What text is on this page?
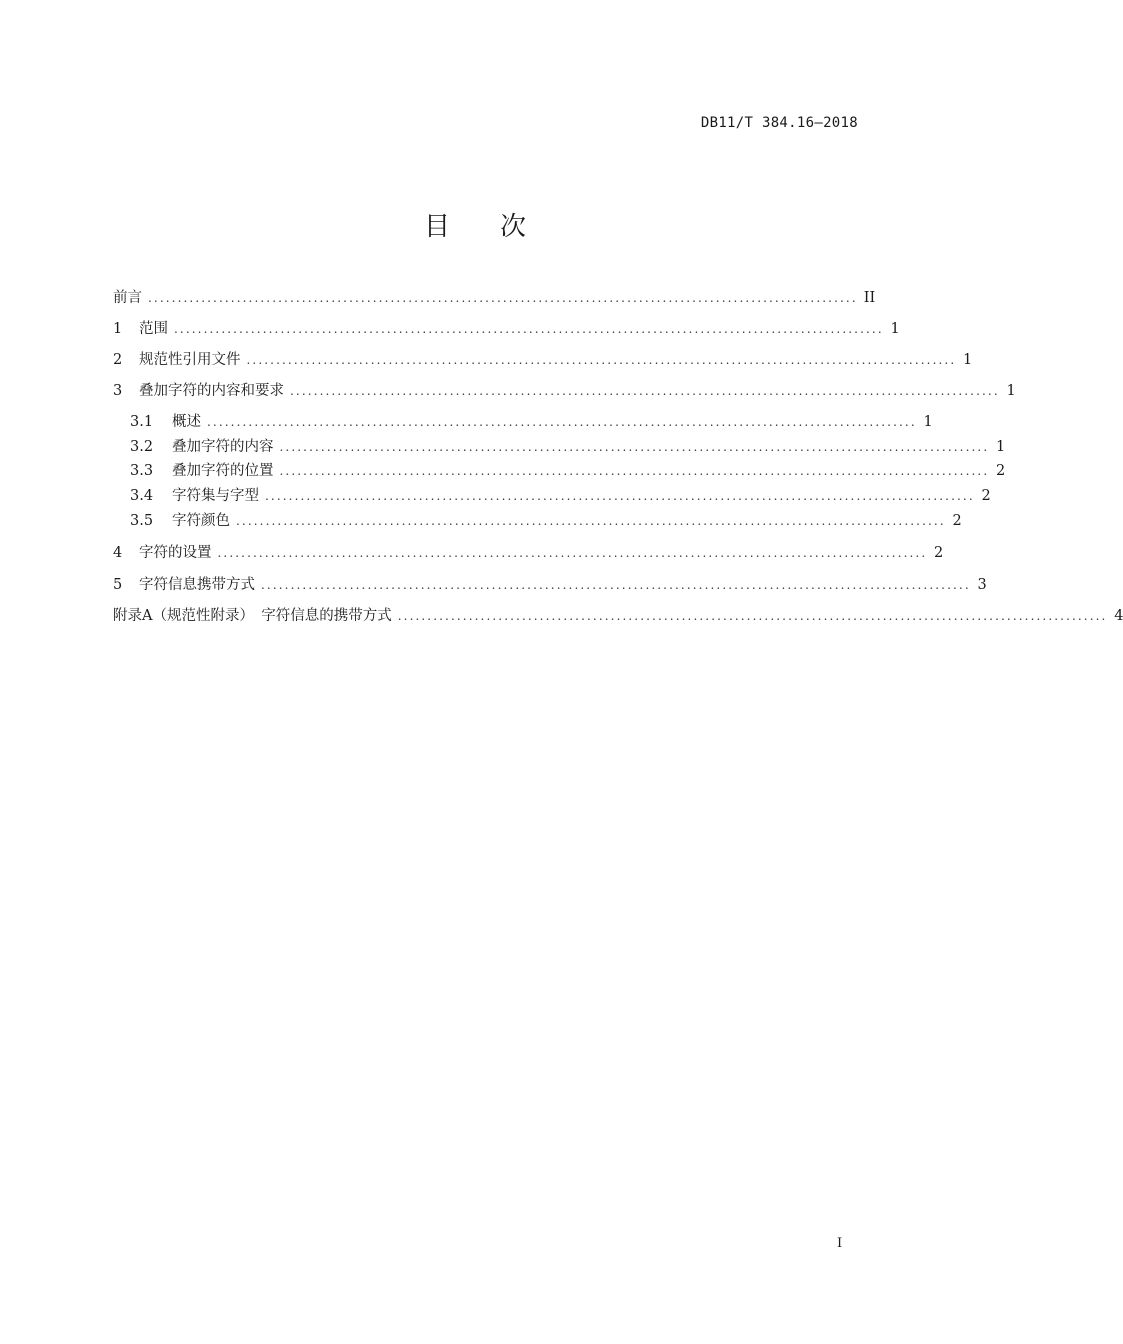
DB11/T 384.16—2018
目 次
前言 ........................................................................................................................ II
1	范围 ........................................................................................................................ 1
2	规范性引用文件 ........................................................................................................................ 1
3	叠加字符的内容和要求 ........................................................................................................................ 1
3.1	概述 ........................................................................................................................ 1
3.2	叠加字符的内容 ........................................................................................................................ 1
3.3	叠加字符的位置 ........................................................................................................................ 2
3.4	字符集与字型 ........................................................................................................................ 2
3.5	字符颜色 ........................................................................................................................ 2
4	字符的设置 ........................................................................................................................ 2
5	字符信息携带方式 ........................................................................................................................ 3
附录A（规范性附录）　字符信息的携带方式 ........................................................................................................................ 4
I
